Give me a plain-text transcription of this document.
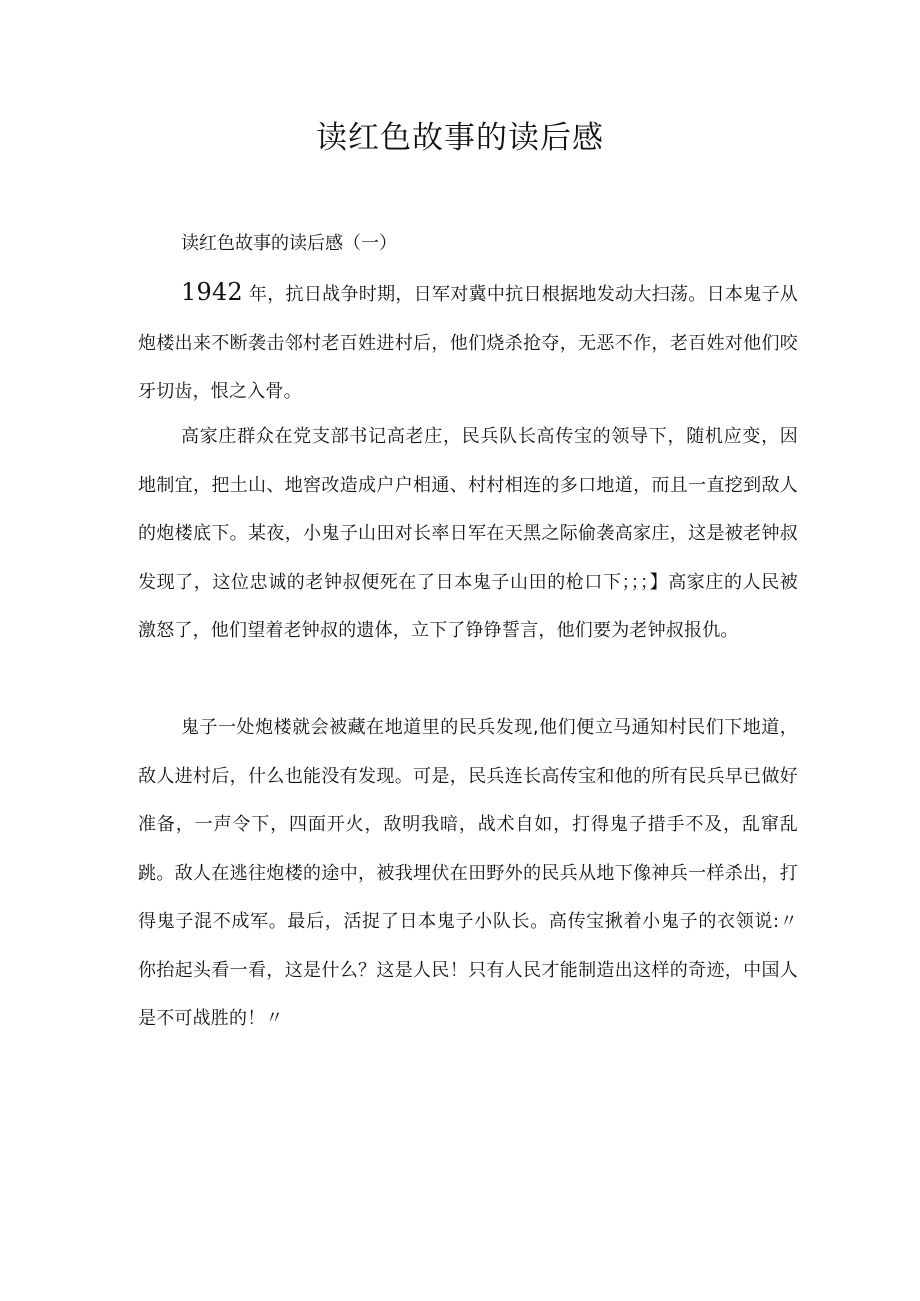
读红色故事的读后感
读红色故事的读后感（一）

1942 年，抗日战争时期，日军对冀中抗日根据地发动大扫荡。日本鬼子从炮楼出来不断袭击邻村老百姓进村后，他们烧杀抢夺，无恶不作，老百姓对他们咬牙切齿，恨之入骨。

高家庄群众在党支部书记高老庄，民兵队长高传宝的领导下，随机应变，因地制宜，把土山、地窖改造成户户相通、村村相连的多口地道，而且一直挖到敌人的炮楼底下。某夜，小鬼子山田对长率日军在天黑之际偷袭高家庄，这是被老钟叔发现了，这位忠诚的老钟叔便死在了日本鬼子山田的枪口下；；；】高家庄的人民被激怒了，他们望着老钟叔的遗体，立下了铮铮誓言，他们要为老钟叔报仇。

鬼子一处炮楼就会被藏在地道里的民兵发现,他们便立马通知村民们下地道，敌人进村后，什么也能没有发现。可是，民兵连长高传宝和他的所有民兵早已做好准备，一声令下，四面开火，敌明我暗，战术自如，打得鬼子措手不及，乱窜乱跳。敌人在逃往炮楼的途中，被我埋伏在田野外的民兵从地下像神兵一样杀出，打得鬼子混不成军。最后，活捉了日本鬼子小队长。高传宝揪着小鬼子的衣领说:〃你抬起头看一看，这是什么？这是人民！只有人民才能制造出这样的奇迹，中国人是不可战胜的！〃
